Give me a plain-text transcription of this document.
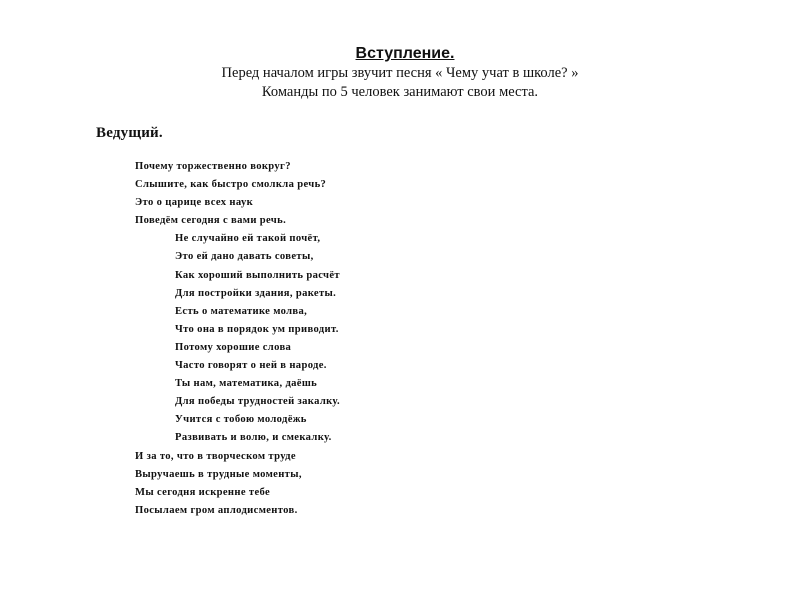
Вступление.
Перед началом игры звучит песня « Чему учат в школе? »
Команды по 5 человек занимают свои места.
Ведущий.
Почему торжественно вокруг?
Слышите, как быстро смолкла речь?
Это о царице всех наук
Поведём сегодня с вами речь.
Не случайно ей такой почёт,
Это ей дано давать советы,
Как хороший выполнить расчёт
Для постройки здания, ракеты.
Есть о математике молва,
Что она в порядок ум приводит.
Потому хорошие слова
Часто говорят о ней в народе.
Ты нам, математика, даёшь
Для победы трудностей закалку.
Учится с тобою молодёжь
Развивать и волю, и смекалку.
И за то, что в творческом труде
Выручаешь в трудные моменты,
Мы сегодня искренне тебе
Посылаем гром аплодисментов.
